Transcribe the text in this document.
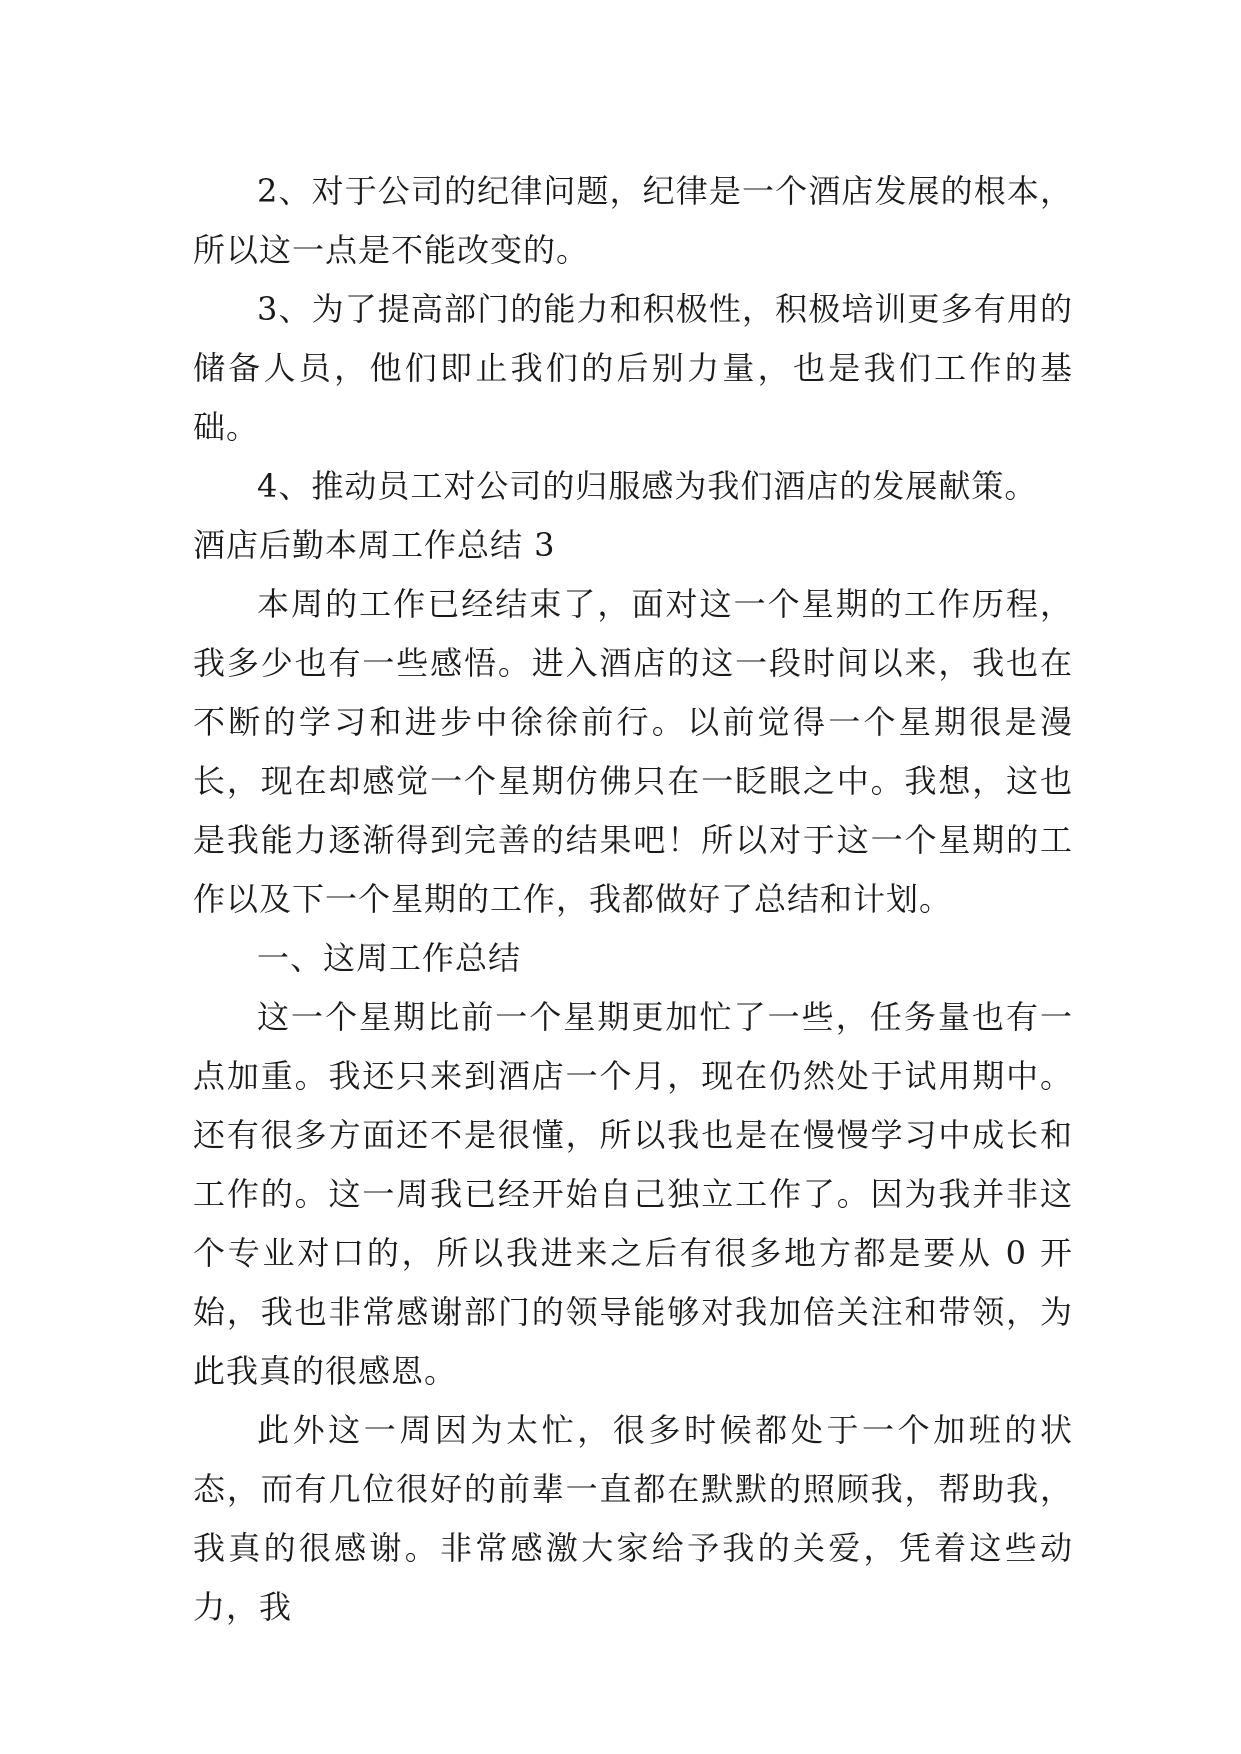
2、对于公司的纪律问题，纪律是一个酒店发展的根本，所以这一点是不能改变的。

3、为了提高部门的能力和积极性，积极培训更多有用的储备人员，他们即止我们的后别力量，也是我们工作的基础。

4、推动员工对公司的归服感为我们酒店的发展献策。

酒店后勤本周工作总结 3

本周的工作已经结束了，面对这一个星期的工作历程，我多少也有一些感悟。进入酒店的这一段时间以来，我也在不断的学习和进步中徐徐前行。以前觉得一个星期很是漫长，现在却感觉一个星期仿佛只在一眨眼之中。我想，这也是我能力逐渐得到完善的结果吧！所以对于这一个星期的工作以及下一个星期的工作，我都做好了总结和计划。

一、这周工作总结

这一个星期比前一个星期更加忙了一些，任务量也有一点加重。我还只来到酒店一个月，现在仍然处于试用期中。还有很多方面还不是很懂，所以我也是在慢慢学习中成长和工作的。这一周我已经开始自己独立工作了。因为我并非这个专业对口的，所以我进来之后有很多地方都是要从 0 开始，我也非常感谢部门的领导能够对我加倍关注和带领，为此我真的很感恩。

此外这一周因为太忙，很多时候都处于一个加班的状态，而有几位很好的前辈一直都在默默的照顾我，帮助我，我真的很感谢。非常感激大家给予我的关爱，凭着这些动力，我
